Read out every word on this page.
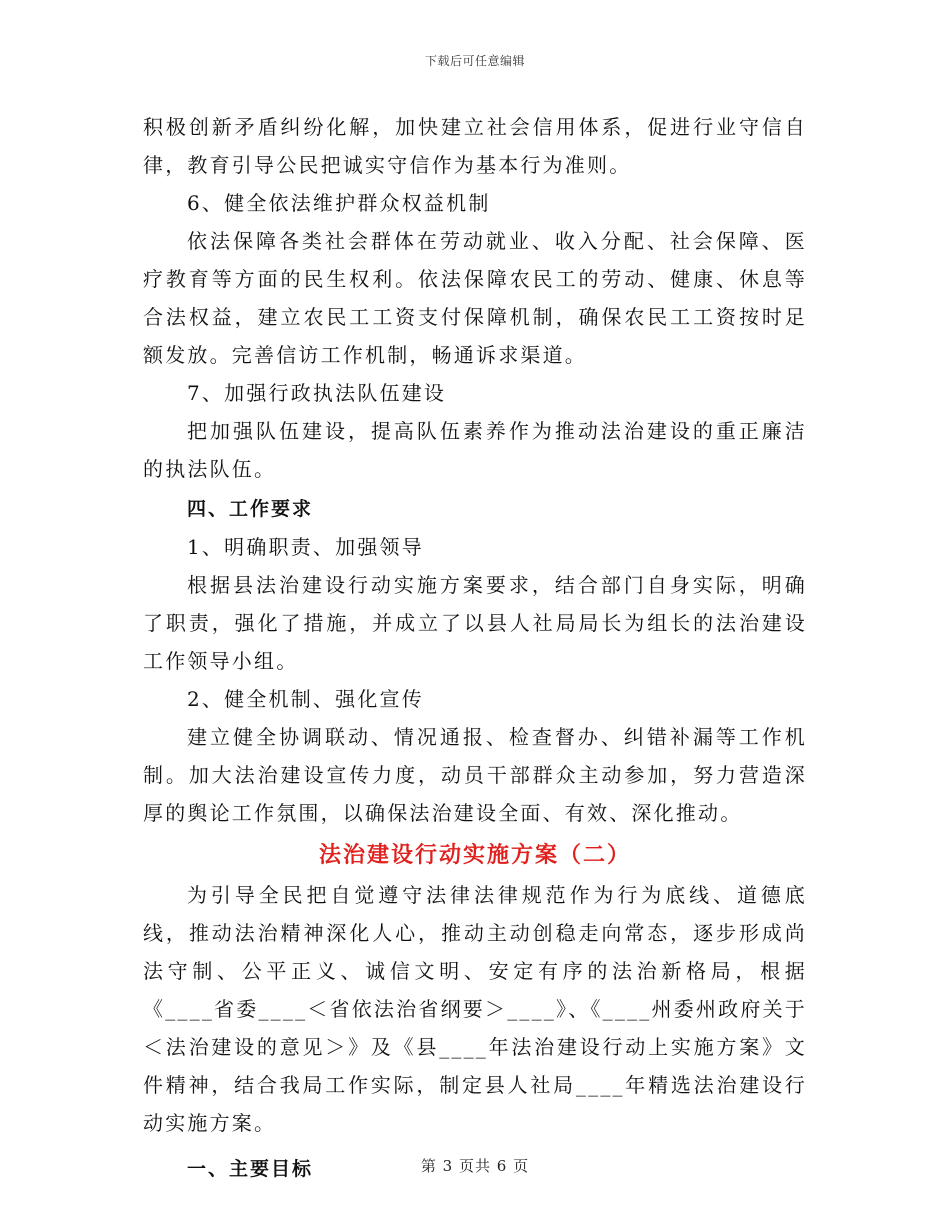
下载后可任意编辑

积极创新矛盾纠纷化解，加快建立社会信用体系，促进行业守信自律，教育引导公民把诚实守信作为基本行为准则。

6、健全依法维护群众权益机制

依法保障各类社会群体在劳动就业、收入分配、社会保障、医疗教育等方面的民生权利。依法保障农民工的劳动、健康、休息等合法权益，建立农民工工资支付保障机制，确保农民工工资按时足额发放。完善信访工作机制，畅通诉求渠道。

7、加强行政执法队伍建设

把加强队伍建设，提高队伍素养作为推动法治建设的重正廉洁的执法队伍。

四、工作要求

1、明确职责、加强领导

根据县法治建设行动实施方案要求，结合部门自身实际，明确了职责，强化了措施，并成立了以县人社局局长为组长的法治建设工作领导小组。

2、健全机制、强化宣传

建立健全协调联动、情况通报、检查督办、纠错补漏等工作机制。加大法治建设宣传力度，动员干部群众主动参加，努力营造深厚的舆论工作氛围，以确保法治建设全面、有效、深化推动。

法治建设行动实施方案（二）

为引导全民把自觉遵守法律法律规范作为行为底线、道德底线，推动法治精神深化人心，推动主动创稳走向常态，逐步形成尚法守制、公平正义、诚信文明、安定有序的法治新格局，根据《____省委____＜省依法治省纲要＞____》、《____州委州政府关于＜法治建设的意见＞》及《县____年法治建设行动上实施方案》文件精神，结合我局工作实际，制定县人社局____年精选法治建设行动实施方案。

一、主要目标	第 3 页共 6 页
